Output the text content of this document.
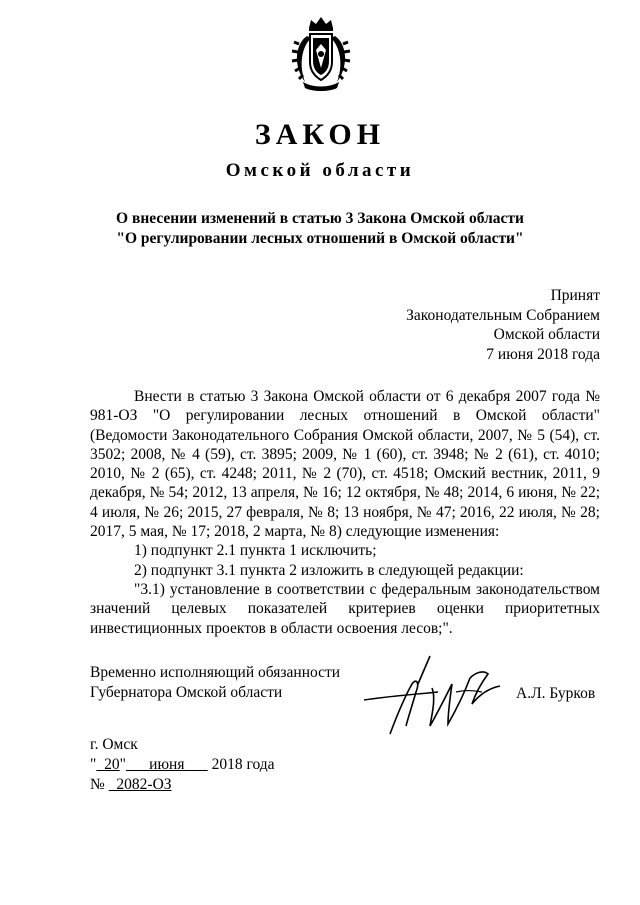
ЗАКОН
Омской области
О внесении изменений в статью 3 Закона Омской области
"О регулировании лесных отношений в Омской области"
Принят
Законодательным Собранием
Омской области
7 июня 2018 года

Внести в статью 3 Закона Омской области от 6 декабря 2007 года № 981-ОЗ "О регулировании лесных отношений в Омской области" (Ведомости Законодательного Собрания Омской области, 2007, № 5 (54), ст. 3502; 2008, № 4 (59), ст. 3895; 2009, № 1 (60), ст. 3948; № 2 (61), ст. 4010; 2010, № 2 (65), ст. 4248; 2011, № 2 (70), ст. 4518; Омский вестник, 2011, 9 декабря, № 54; 2012, 13 апреля, № 16; 12 октября, № 48; 2014, 6 июня, № 22; 4 июля, № 26; 2015, 27 февраля, № 8; 13 ноября, № 47; 2016, 22 июля, № 28; 2017, 5 мая, № 17; 2018, 2 марта, № 8) следующие изменения:

1) подпункт 2.1 пункта 1 исключить;

2) подпункт 3.1 пункта 2 изложить в следующей редакции:

"3.1) установление в соответствии с федеральным законодательством значений целевых показателей критериев оценки приоритетных инвестиционных проектов в области освоения лесов;".

Временно исполняющий обязанности
Губернатора Омской области	А.Л. Бурков
г. Омск
" 20" июня 2018 года
№ 2082-ОЗ
